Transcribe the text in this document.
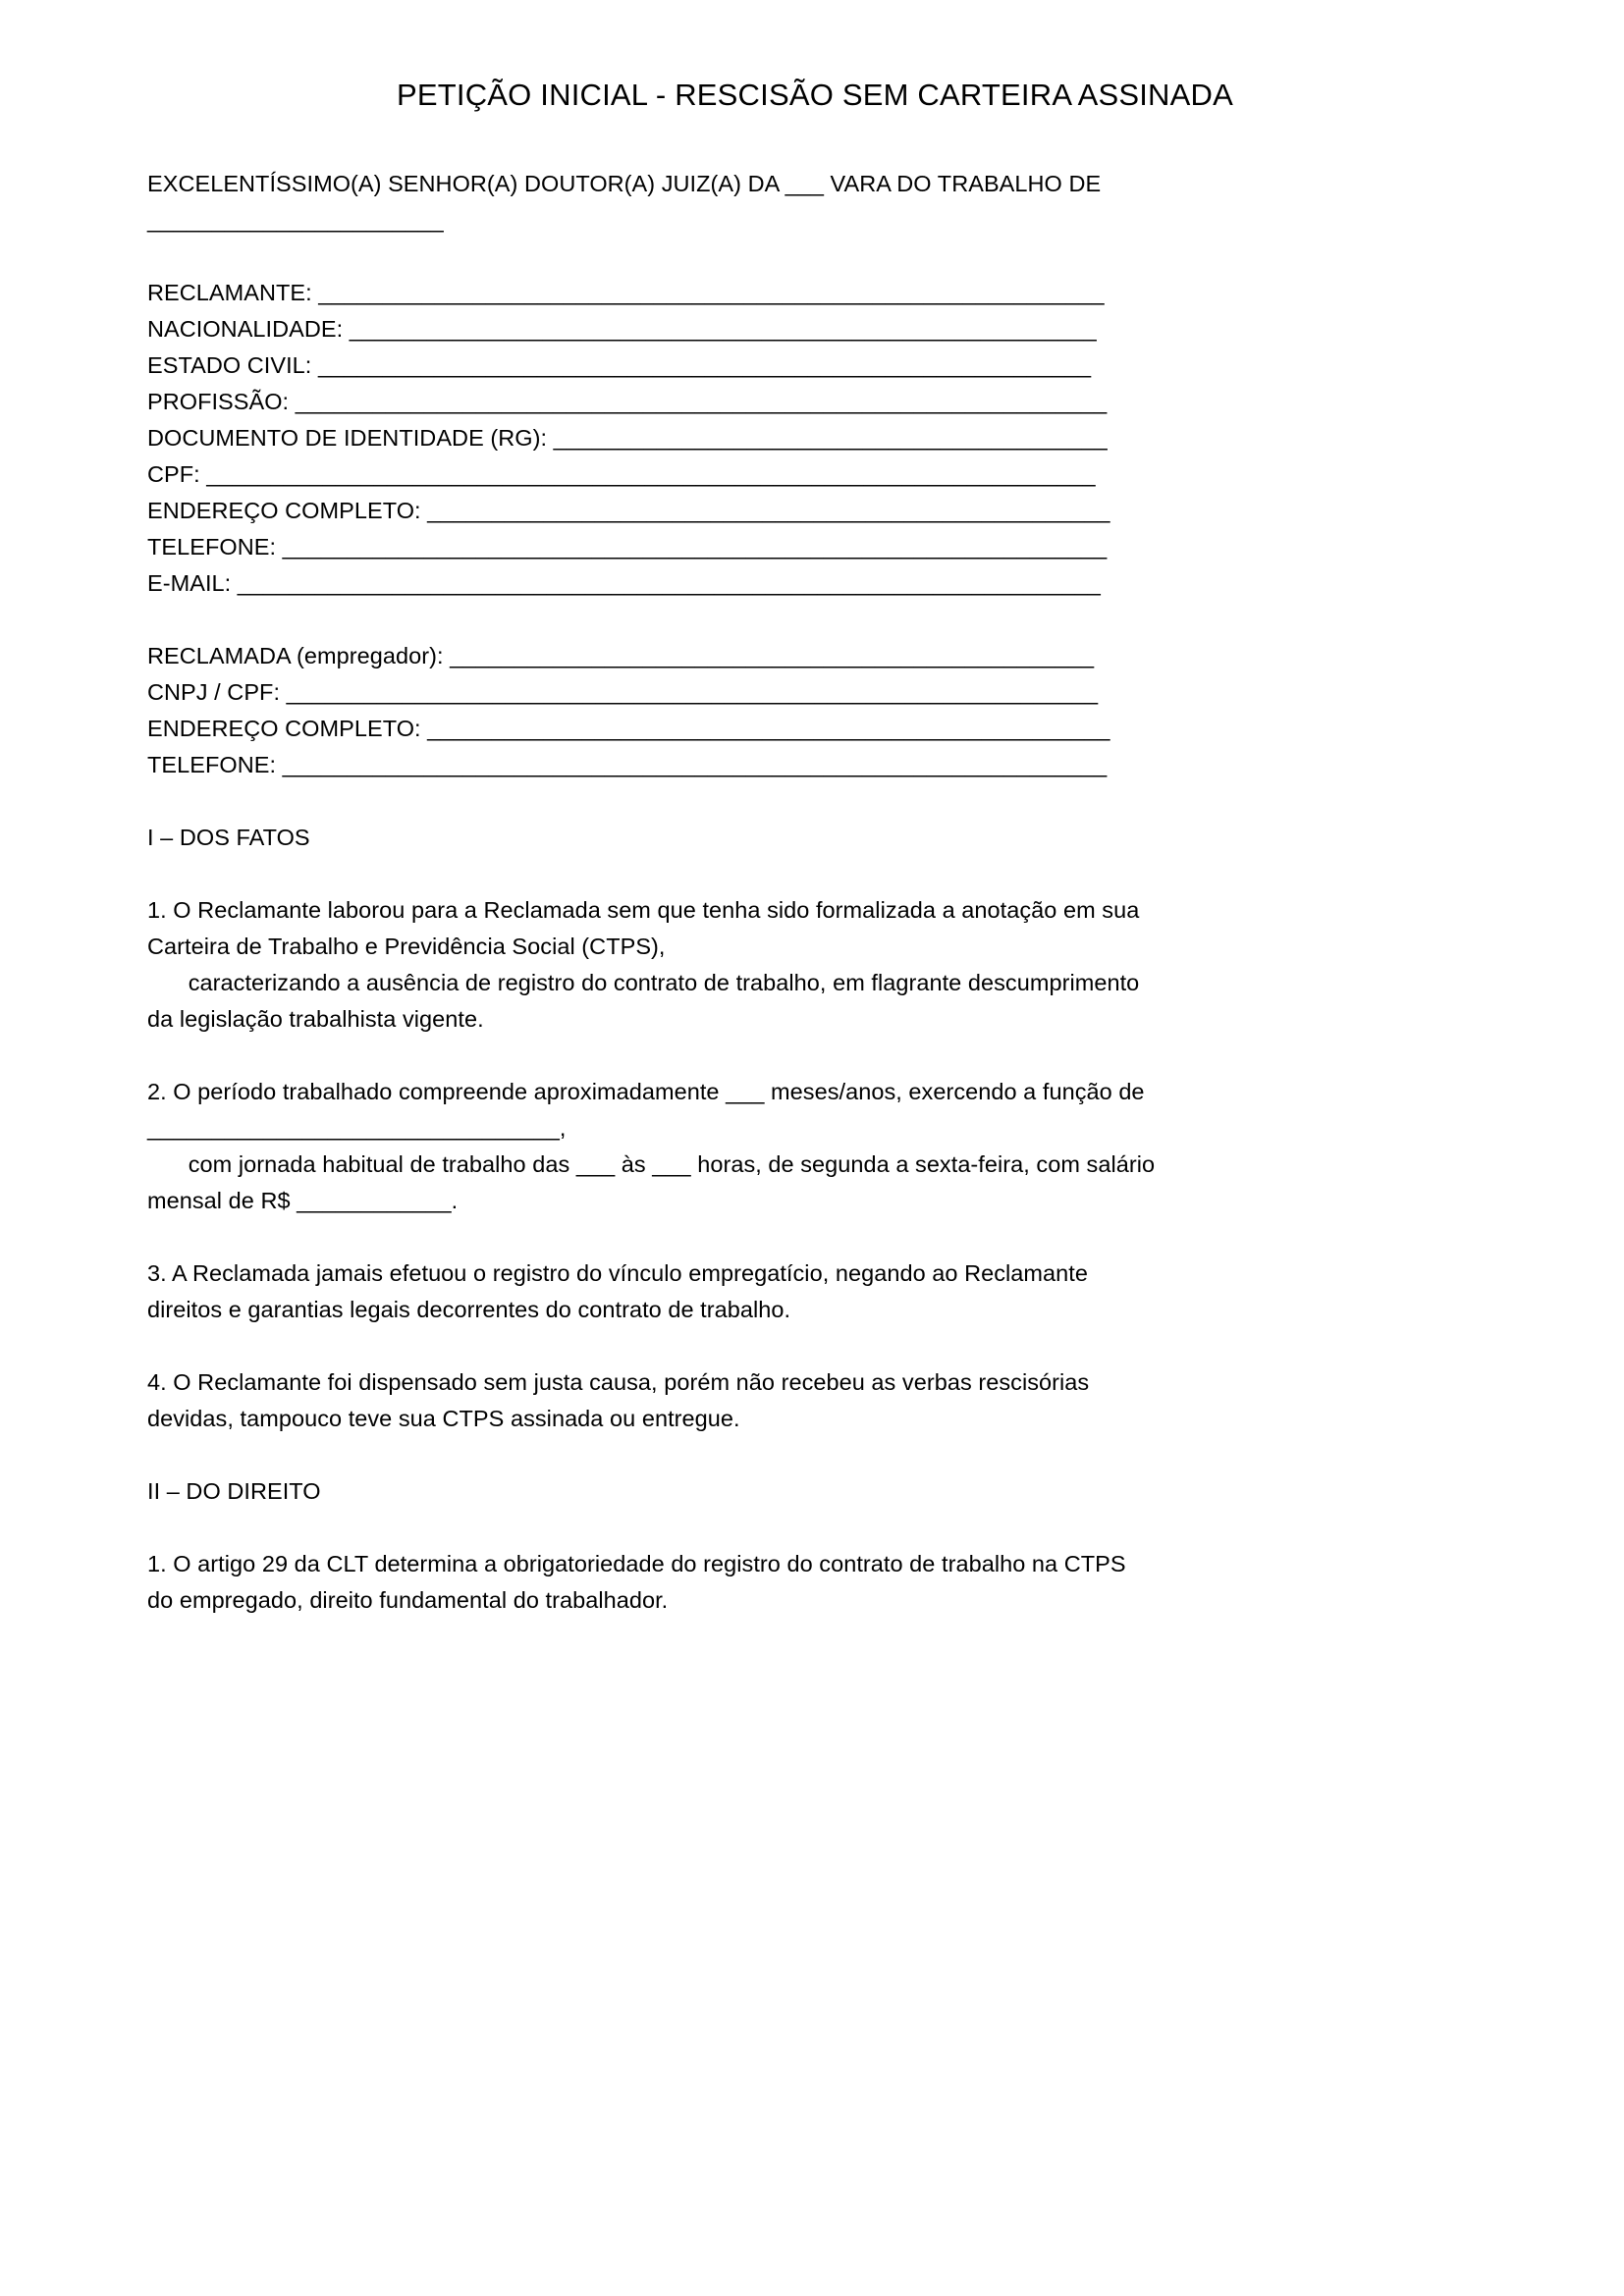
PETIÇÃO INICIAL - RESCISÃO SEM CARTEIRA ASSINADA
EXCELENTÍSSIMO(A) SENHOR(A) DOUTOR(A) JUIZ(A) DA ___ VARA DO TRABALHO DE
_______________________
RECLAMANTE: _____________________________________________________________
NACIONALIDADE: __________________________________________________________
ESTADO CIVIL: ____________________________________________________________
PROFISSÃO: _______________________________________________________________
DOCUMENTO DE IDENTIDADE (RG): ___________________________________________
CPF: _____________________________________________________________________
ENDEREÇO COMPLETO: _____________________________________________________
TELEFONE: ________________________________________________________________
E-MAIL: ___________________________________________________________________
RECLAMADA (empregador): __________________________________________________
CNPJ / CPF: _______________________________________________________________
ENDEREÇO COMPLETO: _____________________________________________________
TELEFONE: ________________________________________________________________
I – DOS FATOS
1. O Reclamante laborou para a Reclamada sem que tenha sido formalizada a anotação em sua
Carteira de Trabalho e Previdência Social (CTPS),
caracterizando a ausência de registro do contrato de trabalho, em flagrante descumprimento
da legislação trabalhista vigente.
2. O período trabalhado compreende aproximadamente ___ meses/anos, exercendo a função de
________________________________,
com jornada habitual de trabalho das ___ às ___ horas, de segunda a sexta-feira, com salário
mensal de R$ ____________.
3. A Reclamada jamais efetuou o registro do vínculo empregatício, negando ao Reclamante
direitos e garantias legais decorrentes do contrato de trabalho.
4. O Reclamante foi dispensado sem justa causa, porém não recebeu as verbas rescisórias
devidas, tampouco teve sua CTPS assinada ou entregue.
II – DO DIREITO
1. O artigo 29 da CLT determina a obrigatoriedade do registro do contrato de trabalho na CTPS
do empregado, direito fundamental do trabalhador.
